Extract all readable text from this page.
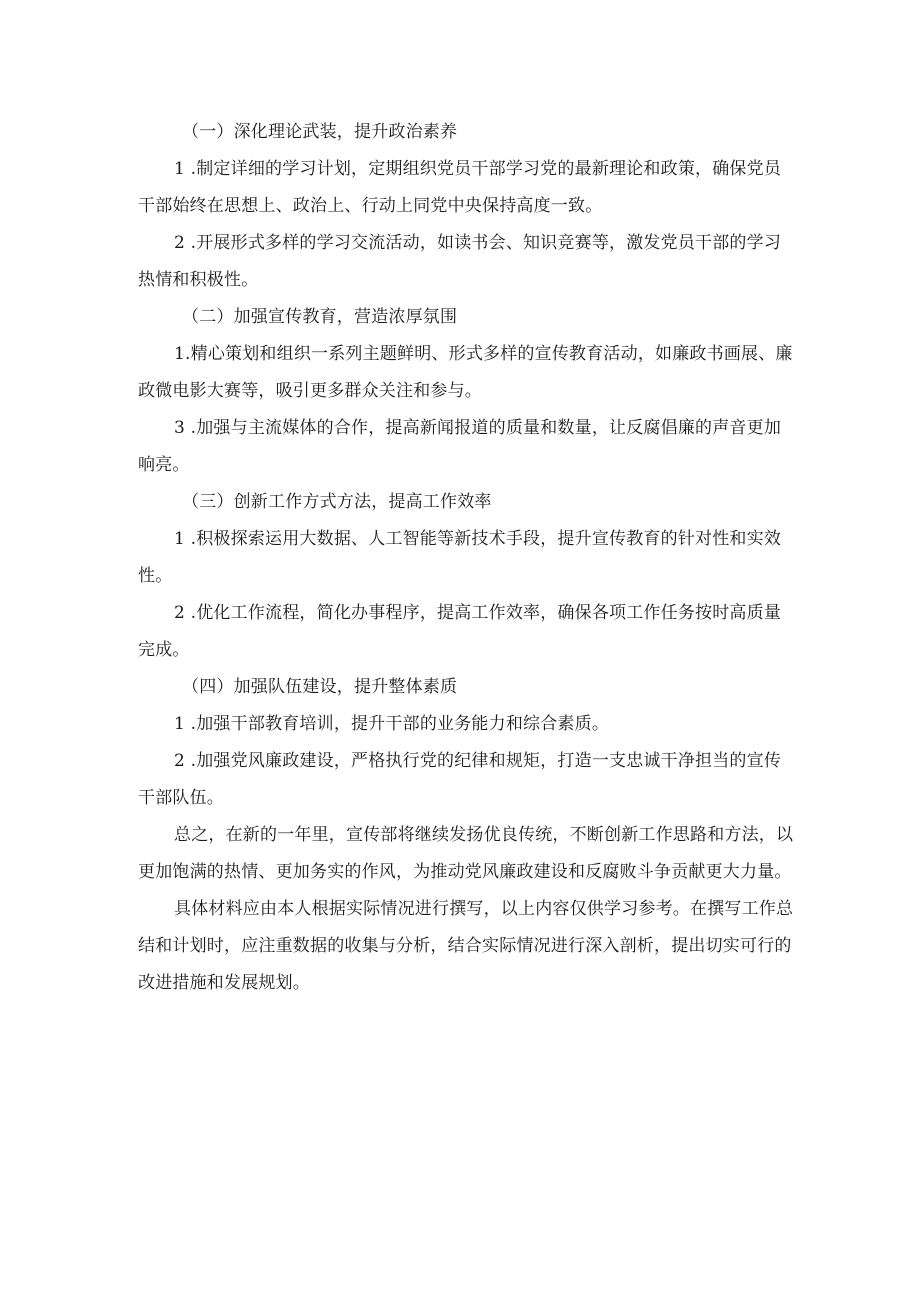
（一）深化理论武装，提升政治素养
1 .制定详细的学习计划，定期组织党员干部学习党的最新理论和政策，确保党员
干部始终在思想上、政治上、行动上同党中央保持高度一致。
2 .开展形式多样的学习交流活动，如读书会、知识竞赛等，激发党员干部的学习
热情和积极性。
（二）加强宣传教育，营造浓厚氛围
1.精心策划和组织一系列主题鲜明、形式多样的宣传教育活动，如廉政书画展、廉
政微电影大赛等，吸引更多群众关注和参与。
3 .加强与主流媒体的合作，提高新闻报道的质量和数量，让反腐倡廉的声音更加
响亮。
（三）创新工作方式方法，提高工作效率
1 .积极探索运用大数据、人工智能等新技术手段，提升宣传教育的针对性和实效
性。
2 .优化工作流程，简化办事程序，提高工作效率，确保各项工作任务按时高质量
完成。
（四）加强队伍建设，提升整体素质
1 .加强干部教育培训，提升干部的业务能力和综合素质。
2 .加强党风廉政建设，严格执行党的纪律和规矩，打造一支忠诚干净担当的宣传
干部队伍。
总之，在新的一年里，宣传部将继续发扬优良传统，不断创新工作思路和方法，以
更加饱满的热情、更加务实的作风，为推动党风廉政建设和反腐败斗争贡献更大力量。
具体材料应由本人根据实际情况进行撰写，以上内容仅供学习参考。在撰写工作总
结和计划时，应注重数据的收集与分析，结合实际情况进行深入剖析，提出切实可行的
改进措施和发展规划。
